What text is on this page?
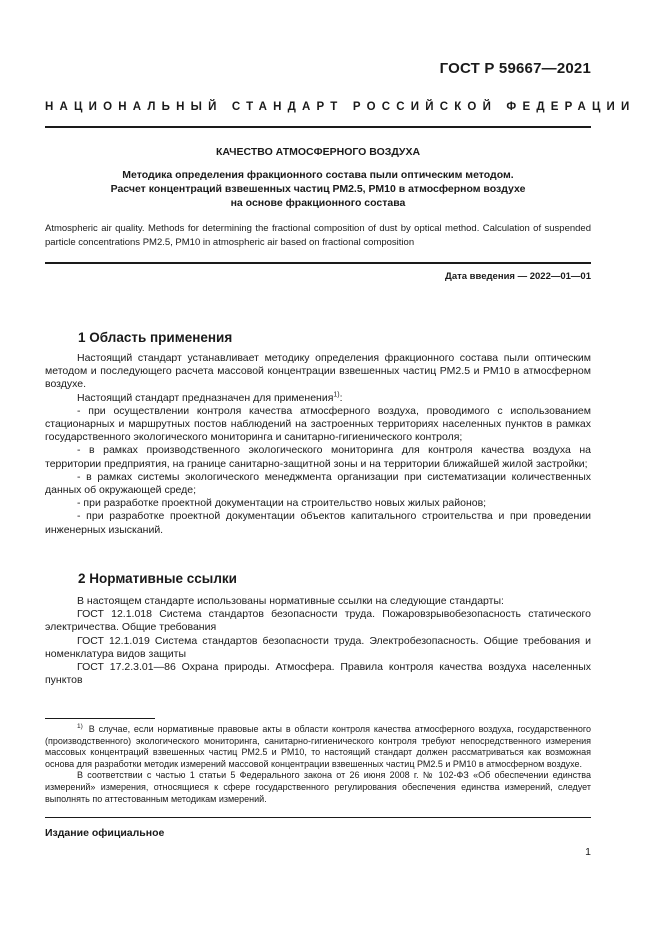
ГОСТ Р 59667—2021
НАЦИОНАЛЬНЫЙ СТАНДАРТ РОССИЙСКОЙ ФЕДЕРАЦИИ
КАЧЕСТВО АТМОСФЕРНОГО ВОЗДУХА
Методика определения фракционного состава пыли оптическим методом.
Расчет концентраций взвешенных частиц РМ2.5, РМ10 в атмосферном воздухе
на основе фракционного состава
Atmospheric air quality. Methods for determining the fractional composition of dust by optical method. Calculation of suspended particle concentrations PM2.5, PM10 in atmospheric air based on fractional composition
Дата введения — 2022—01—01
1 Область применения

Настоящий стандарт устанавливает методику определения фракционного состава пыли оптическим методом и последующего расчета массовой концентрации взвешенных частиц РМ2.5 и РМ10 в атмосферном воздухе.

Настоящий стандарт предназначен для применения$^{1)}$:

- при осуществлении контроля качества атмосферного воздуха, проводимого с использованием стационарных и маршрутных постов наблюдений на застроенных территориях населенных пунктов в рамках государственного экологического мониторинга и санитарно-гигиенического контроля;

- в рамках производственного экологического мониторинга для контроля качества воздуха на территории предприятия, на границе санитарно-защитной зоны и на территории ближайшей жилой застройки;

- в рамках системы экологического менеджмента организации при систематизации количественных данных об окружающей среде;

- при разработке проектной документации на строительство новых жилых районов;

- при разработке проектной документации объектов капитального строительства и при проведении инженерных изысканий.

2 Нормативные ссылки

В настоящем стандарте использованы нормативные ссылки на следующие стандарты:

ГОСТ 12.1.018 Система стандартов безопасности труда. Пожаровзрывобезопасность статического электричества. Общие требования

ГОСТ 12.1.019 Система стандартов безопасности труда. Электробезопасность. Общие требования и номенклатура видов защиты

ГОСТ 17.2.3.01—86 Охрана природы. Атмосфера. Правила контроля качества воздуха населенных пунктов

$^{1)}$ В случае, если нормативные правовые акты в области контроля качества атмосферного воздуха, государственного (производственного) экологического мониторинга, санитарно-гигиенического контроля требуют непосредственного измерения массовых концентраций взвешенных частиц РМ2.5 и РМ10, то настоящий стандарт должен рассматриваться как возможная основа для разработки методик измерений массовой концентрации взвешенных частиц РМ2.5 и РМ10 в атмосферном воздухе.

В соответствии с частью 1 статьи 5 Федерального закона от 26 июня 2008 г. № 102-ФЗ «Об обеспечении единства измерений» измерения, относящиеся к сфере государственного регулирования обеспечения единства измерений, следует выполнять по аттестованным методикам измерений.

Издание официальное
1
